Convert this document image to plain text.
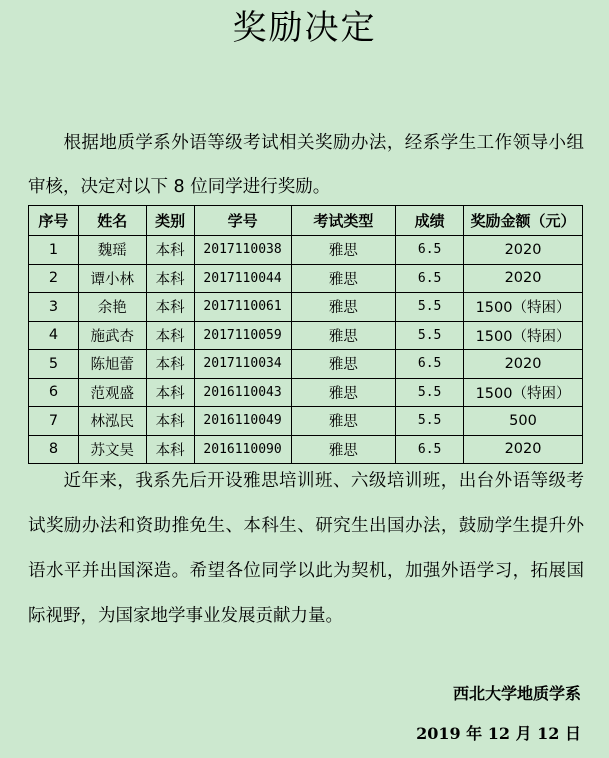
奖励决定
根据地质学系外语等级考试相关奖励办法，经系学生工作领导小组审核，决定对以下 8 位同学进行奖励。
序号	姓名	类别	学号	考试类型	成绩	奖励金额（元）
1	魏瑶	本科	2017110038	雅思	6.5	2020
2	谭小林	本科	2017110044	雅思	6.5	2020
3	余艳	本科	2017110061	雅思	5.5	1500（特困）
4	施武杏	本科	2017110059	雅思	5.5	1500（特困）
5	陈旭蕾	本科	2017110034	雅思	6.5	2020
6	范观盛	本科	2016110043	雅思	5.5	1500（特困）
7	林泓民	本科	2016110049	雅思	5.5	500
8	苏文昊	本科	2016110090	雅思	6.5	2020
近年来，我系先后开设雅思培训班、六级培训班，出台外语等级考试奖励办法和资助推免生、本科生、研究生出国办法，鼓励学生提升外语水平并出国深造。希望各位同学以此为契机，加强外语学习，拓展国际视野，为国家地学事业发展贡献力量。
西北大学地质学系
2019 年 12 月 12 日
